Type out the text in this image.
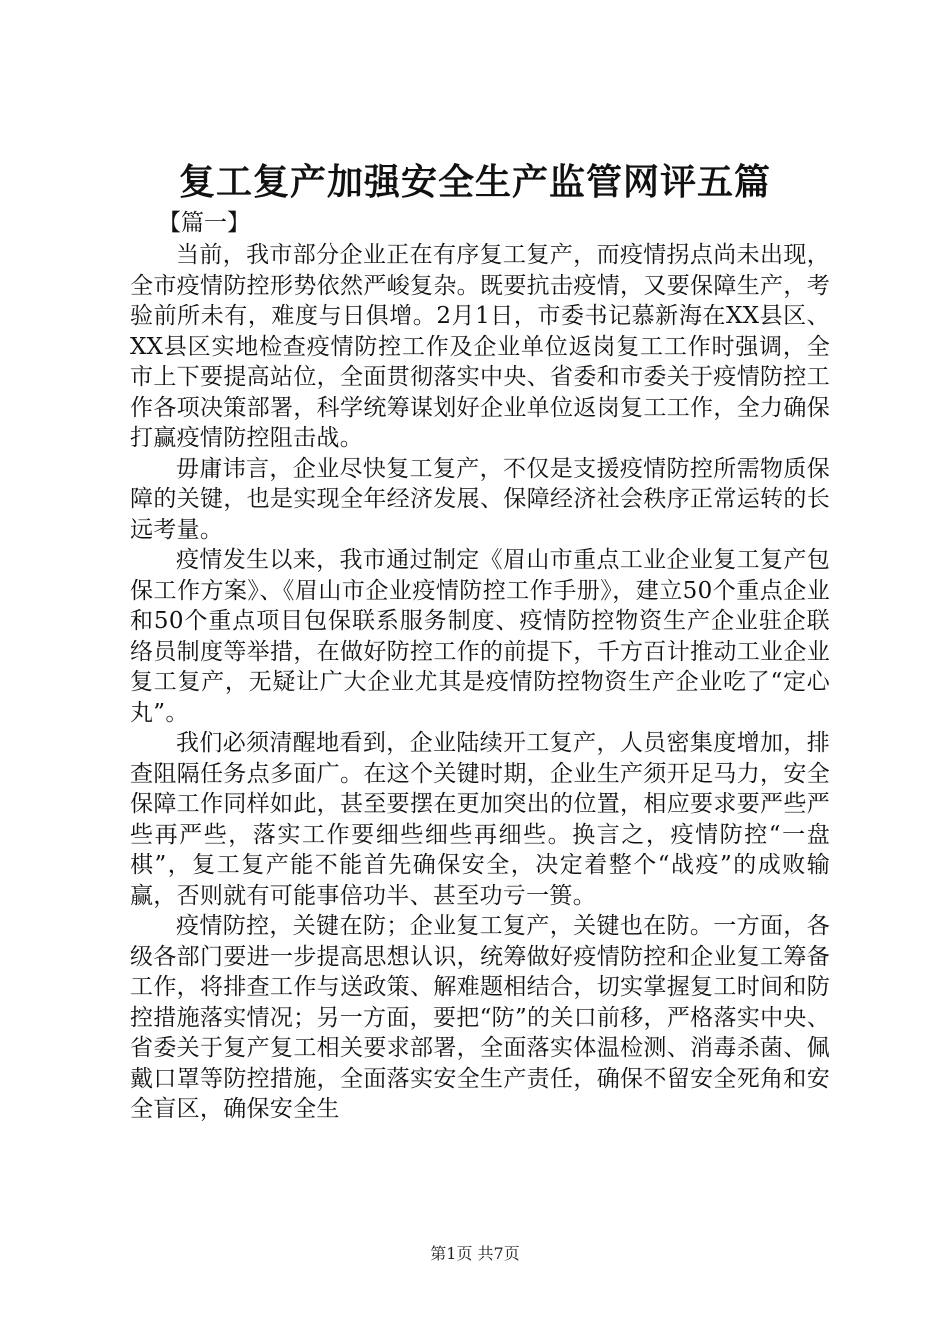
复工复产加强安全生产监管网评五篇
【篇一】

当前，我市部分企业正在有序复工复产，而疫情拐点尚未出现，全市疫情防控形势依然严峻复杂。既要抗击疫情，又要保障生产，考验前所未有，难度与日俱增。2月1日，市委书记慕新海在XX县区、XX县区实地检查疫情防控工作及企业单位返岗复工工作时强调，全市上下要提高站位，全面贯彻落实中央、省委和市委关于疫情防控工作各项决策部署，科学统筹谋划好企业单位返岗复工工作，全力确保打赢疫情防控阻击战。

毋庸讳言，企业尽快复工复产，不仅是支援疫情防控所需物质保障的关键，也是实现全年经济发展、保障经济社会秩序正常运转的长远考量。

疫情发生以来，我市通过制定《眉山市重点工业企业复工复产包保工作方案》、《眉山市企业疫情防控工作手册》，建立50个重点企业和50个重点项目包保联系服务制度、疫情防控物资生产企业驻企联络员制度等举措，在做好防控工作的前提下，千方百计推动工业企业复工复产，无疑让广大企业尤其是疫情防控物资生产企业吃了“定心丸”。

我们必须清醒地看到，企业陆续开工复产，人员密集度增加，排查阻隔任务点多面广。在这个关键时期，企业生产须开足马力，安全保障工作同样如此，甚至要摆在更加突出的位置，相应要求要严些严些再严些，落实工作要细些细些再细些。换言之，疫情防控“一盘棋”，复工复产能不能首先确保安全，决定着整个“战疫”的成败输赢，否则就有可能事倍功半、甚至功亏一篑。

疫情防控，关键在防；企业复工复产，关键也在防。一方面，各级各部门要进一步提高思想认识，统筹做好疫情防控和企业复工筹备工作，将排查工作与送政策、解难题相结合，切实掌握复工时间和防控措施落实情况；另一方面，要把“防”的关口前移，严格落实中央、省委关于复产复工相关要求部署，全面落实体温检测、消毒杀菌、佩戴口罩等防控措施，全面落实安全生产责任，确保不留安全死角和安全盲区，确保安全生

第1页 共7页
